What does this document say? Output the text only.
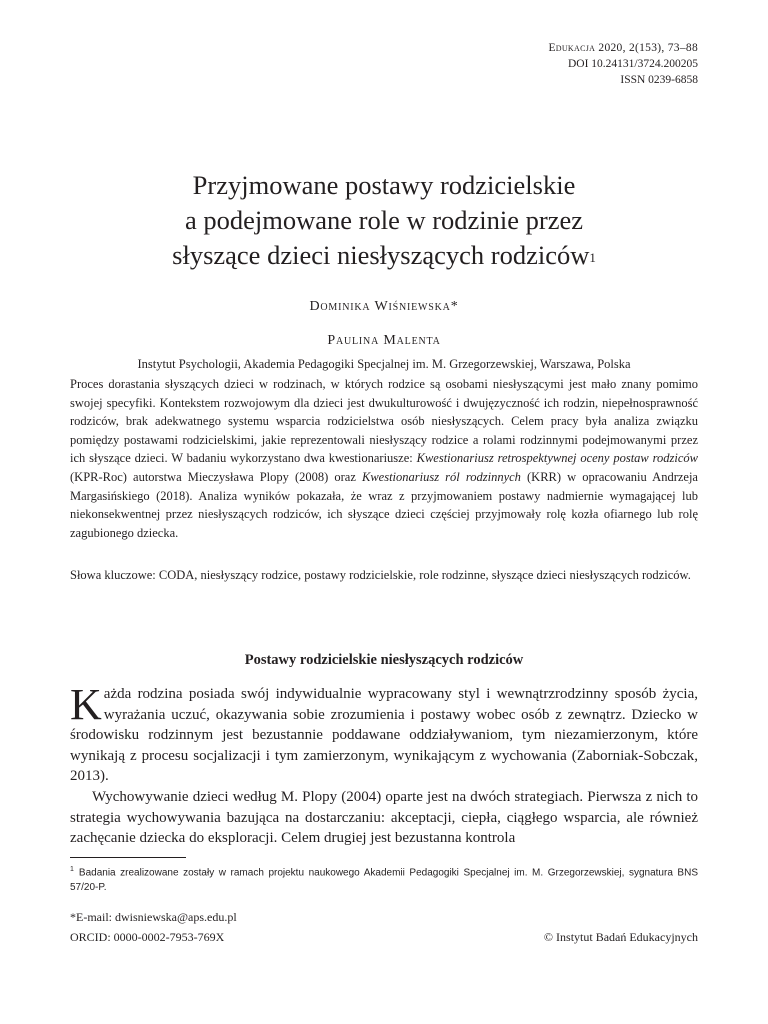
Edukacja 2020, 2(153), 73–88
DOI 10.24131/3724.200205
ISSN 0239-6858
Przyjmowane postawy rodzicielskie
a podejmowane role w rodzinie przez
słyszące dzieci niesłyszących rodziców$^1$
Dominika Wiśniewska*
Paulina Malenta
Instytut Psychologii, Akademia Pedagogiki Specjalnej im. M. Grzegorzewskiej, Warszawa, Polska

Proces dorastania słyszących dzieci w rodzinach, w których rodzice są osobami niesłyszącymi jest mało znany pomimo swojej specyfiki. Kontekstem rozwojowym dla dzieci jest dwukulturowość i dwujęzyczność ich rodzin, niepełnosprawność rodziców, brak adekwatnego systemu wsparcia rodzicielstwa osób niesłyszących. Celem pracy była analiza związku pomiędzy postawami rodzicielskimi, jakie reprezentowali niesłyszący rodzice a rolami rodzinnymi podejmowanymi przez ich słyszące dzieci. W badaniu wykorzystano dwa kwestionariusze: Kwestionariusz retrospektywnej oceny postaw rodziców (KPR-Roc) autorstwa Mieczysława Plopy (2008) oraz Kwestionariusz ról rodzinnych (KRR) w opracowaniu Andrzeja Margasińskiego (2018). Analiza wyników pokazała, że wraz z przyjmowaniem postawy nadmiernie wymagającej lub niekonsekwentnej przez niesłyszących rodziców, ich słyszące dzieci częściej przyjmowały rolę kozła ofiarnego lub rolę zagubionego dziecka.

Słowa kluczowe: CODA, niesłyszący rodzice, postawy rodzicielskie, role rodzinne, słyszące dzieci niesłyszących rodziców.
Postawy rodzicielskie niesłyszących rodziców

Każda rodzina posiada swój indywidualnie wypracowany styl i wewnątrzrodzinny sposób życia, wyrażania uczuć, okazywania sobie zrozumienia i postawy wobec osób z zewnątrz. Dziecko w środowisku rodzinnym jest bezustannie poddawane oddziaływaniom, tym niezamierzonym, które wynikają z procesu socjalizacji i tym zamierzonym, wynikającym z wychowania (Zaborniak-Sobczak, 2013).

Wychowywanie dzieci według M. Plopy (2004) oparte jest na dwóch strategiach. Pierwsza z nich to strategia wychowywania bazująca na dostarczaniu: akceptacji, ciepła, ciągłego wsparcia, ale również zachęcanie dziecka do eksploracji. Celem drugiej jest bezustanna kontrola

$^1$ Badania zrealizowane zostały w ramach projektu naukowego Akademii Pedagogiki Specjalnej im. M. Grzegorzewskiej, sygnatura BNS 57/20-P.
*E-mail: dwisniewska@aps.edu.pl
ORCID: 0000-0002-7953-769X	© Instytut Badań Edukacyjnych
